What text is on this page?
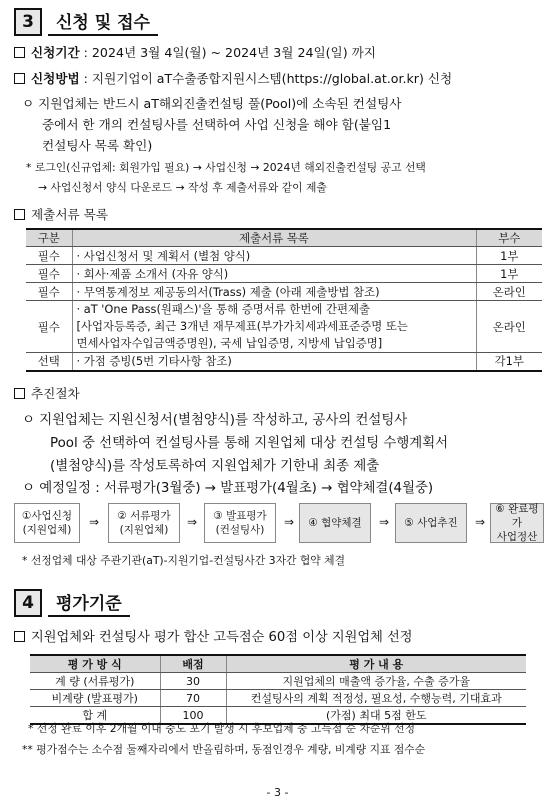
3	신청 및 접수
신청기간 : 2024년 3월 4일(월) ~ 2024년 3월 24일(일) 까지
신청방법 : 지원기업이 aT수출종합지원시스템(https://global.at.or.kr) 신청
ㅇ 지원업체는 반드시 aT해외진출컨설팅 풀(Pool)에 소속된 컨설팅사
중에서 한 개의 컨설팅사를 선택하여 사업 신청을 해야 함(붙임1
컨설팅사 목록 확인)
* 로그인(신규업체: 회원가입 필요) → 사업신청 → 2024년 해외진출컨설팅 공고 선택
→ 사업신청서 양식 다운로드 → 작성 후 제출서류와 같이 제출
제출서류 목록
구분	제출서류 목록	부수
필수	· 사업신청서 및 계획서 (별첨 양식)	1부
필수	· 회사·제품 소개서 (자유 양식)	1부
필수	· 무역통계정보 제공동의서(Trass) 제출 (아래 제출방법 참조)	온라인
필수	· aT 'One Pass(원패스)'을 통해 증명서류 한번에 간편제출
[사업자등록증, 최근 3개년 재무제표(부가가치세과세표준증명 또는
면세사업자수입금액증명원), 국세 납입증명, 지방세 납입증명]	온라인
선택	· 가점 증빙(5번 기타사항 참조)	각1부
추진절차
ㅇ 지원업체는 지원신청서(별첨양식)를 작성하고, 공사의 컨설팅사
Pool 중 선택하여 컨설팅사를 통해 지원업체 대상 컨설팅 수행계획서
(별첨양식)를 작성토록하여 지원업체가 기한내 최종 제출
ㅇ 예정일정 : 서류평가(3월중) → 발표평가(4월초) → 협약체결(4월중)
①사업신청
(지원업체)
⇒ ② 서류평가
(지원업체)
⇒ ③ 발표평가
(컨설팅사)
⇒ ④ 협약체결 ⇒ ⑤ 사업추진 ⇒
⑥ 완료평가
사업정산
* 선정업체 대상 주관기관(aT)-지원기업-컨설팅사간 3자간 협약 체결
4	평가기준
지원업체와 컨설팅사 평가 합산 고득점순 60점 이상 지원업체 선정
평 가 방 식	배점	평 가 내 용
계 량 (서류평가)	30	지원업체의 매출액 증가율, 수출 증가율
비계량 (발표평가)	70	컨설팅사의 계획 적정성, 필요성, 수행능력, 기대효과
합 계	100	(가점) 최대 5점 한도
* 선정 완료 이후 2개월 이내 중도 포기 발생 시 후보업체 중 고득점 순 차순위 선정
** 평가점수는 소수점 둘째자리에서 반올림하며, 동점인경우 계량, 비계량 지표 점수순
- 3 -
